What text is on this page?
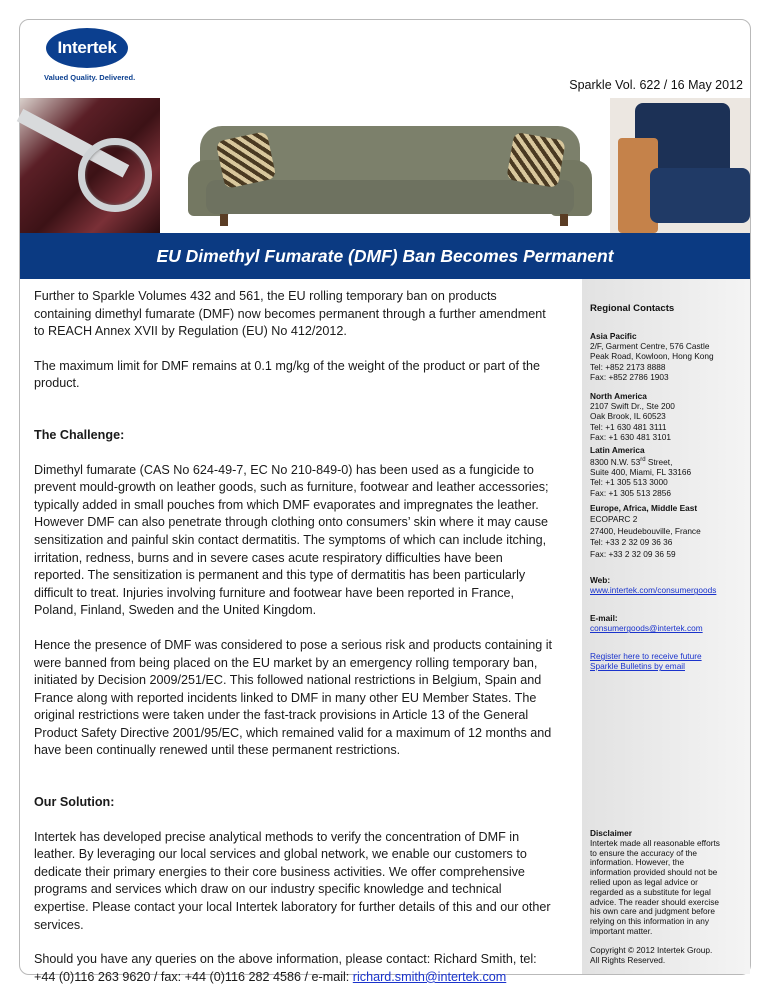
Intertek
Valued Quality. Delivered.
Sparkle Vol. 622 / 16 May 2012
EU Dimethyl Fumarate (DMF) Ban Becomes Permanent

Further to Sparkle Volumes 432 and 561, the EU rolling temporary ban on products containing dimethyl fumarate (DMF) now becomes permanent through a further amendment to REACH Annex XVII by Regulation (EU) No 412/2012.

The maximum limit for DMF remains at 0.1 mg/kg of the weight of the product or part of the product.

The Challenge:

Dimethyl fumarate (CAS No 624-49-7, EC No 210-849-0) has been used as a fungicide to prevent mould-growth on leather goods, such as furniture, footwear and leather accessories; typically added in small pouches from which DMF evaporates and impregnates the leather. However DMF can also penetrate through clothing onto consumers’ skin where it may cause sensitization and painful skin contact dermatitis. The symptoms of which can include itching, irritation, redness, burns and in severe cases acute respiratory difficulties have been reported. The sensitization is permanent and this type of dermatitis has been particularly difficult to treat. Injuries involving furniture and footwear have been reported in France, Poland, Finland, Sweden and the United Kingdom.

Hence the presence of DMF was considered to pose a serious risk and products containing it were banned from being placed on the EU market by an emergency rolling temporary ban, initiated by Decision 2009/251/EC. This followed national restrictions in Belgium, Spain and France along with reported incidents linked to DMF in many other EU Member States. The original restrictions were taken under the fast-track provisions in Article 13 of the General Product Safety Directive 2001/95/EC, which remained valid for a maximum of 12 months and have been continually renewed until these permanent restrictions.

Our Solution:

Intertek has developed precise analytical methods to verify the concentration of DMF in leather. By leveraging our local services and global network, we enable our customers to dedicate their primary energies to their core business activities. We offer comprehensive programs and services which draw on our industry specific knowledge and technical expertise. Please contact your local Intertek laboratory for further details of this and our other services.

Should you have any queries on the above information, please contact: Richard Smith, tel: +44 (0)116 263 9620 / fax: +44 (0)116 282 4586 / e-mail: richard.smith@intertek.com

Regional Contacts
Asia Pacific
2/F, Garment Centre, 576 Castle
Peak Road, Kowloon, Hong Kong
Tel: +852 2173 8888
Fax: +852 2786 1903
North America
2107 Swift Dr., Ste 200
Oak Brook, IL 60523
Tel: +1 630 481 3111
Fax: +1 630 481 3101
Latin America
8300 N.W. 53rd Street,
Suite 400, Miami, FL 33166
Tel: +1 305 513 3000
Fax: +1 305 513 2856
Europe, Africa, Middle East
ECOPARC 2
27400, Heudebouville, France
Tel: +33 2 32 09 36 36
Fax: +33 2 32 09 36 59
Web:
www.intertek.com/consumergoods
E-mail:
consumergoods@intertek.com
Register here to receive future
Sparkle Bulletins by email
Disclaimer
Intertek made all reasonable efforts
to ensure the accuracy of the
information. However, the
information provided should not be
relied upon as legal advice or
regarded as a substitute for legal
advice. The reader should exercise
his own care and judgment before
relying on this information in any
important matter.
Copyright © 2012 Intertek Group.
All Rights Reserved.
